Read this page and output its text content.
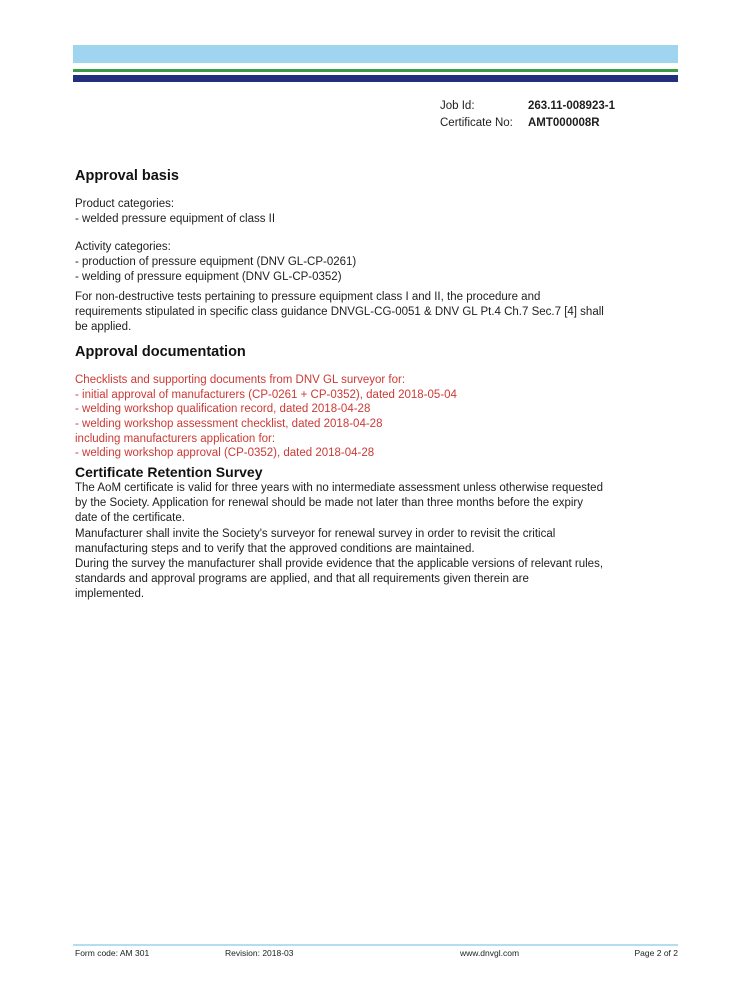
Job Id:	263.11-008923-1
Certificate No:	AMT000008R
Approval basis
Product categories:
- welded pressure equipment of class II
Activity categories:
- production of pressure equipment (DNV GL-CP-0261)
- welding of pressure equipment (DNV GL-CP-0352)
For non-destructive tests pertaining to pressure equipment class I and II, the procedure and
requirements stipulated in specific class guidance DNVGL-CG-0051 & DNV GL Pt.4 Ch.7 Sec.7 [4] shall
be applied.
Approval documentation
Checklists and supporting documents from DNV GL surveyor for:
- initial approval of manufacturers (CP-0261 + CP-0352), dated 2018-05-04
- welding workshop qualification record, dated 2018-04-28
- welding workshop assessment checklist, dated 2018-04-28
including manufacturers application for:
- welding workshop approval (CP-0352), dated 2018-04-28
Certificate Retention Survey
The AoM certificate is valid for three years with no intermediate assessment unless otherwise requested
by the Society. Application for renewal should be made not later than three months before the expiry
date of the certificate.
Manufacturer shall invite the Society's surveyor for renewal survey in order to revisit the critical
manufacturing steps and to verify that the approved conditions are maintained.
During the survey the manufacturer shall provide evidence that the applicable versions of relevant rules,
standards and approval programs are applied, and that all requirements given therein are
implemented.
Form code: AM 301	Revision: 2018-03	www.dnvgl.com	Page 2 of 2
